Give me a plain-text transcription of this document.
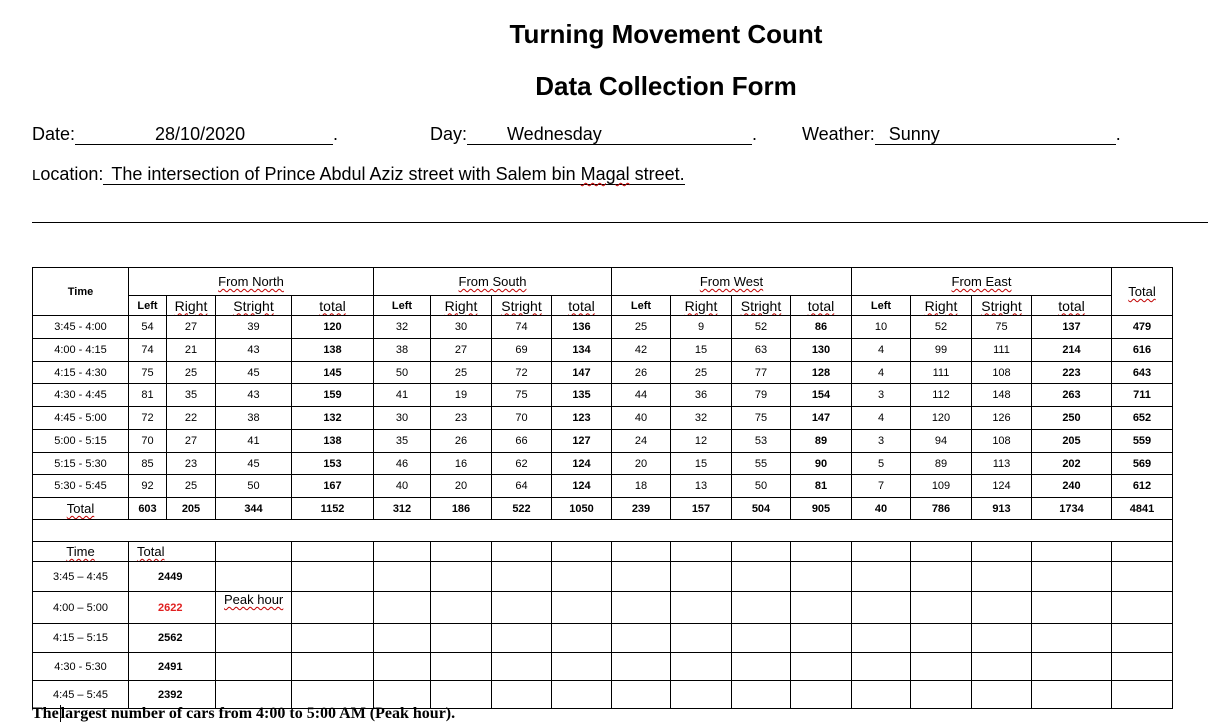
Turning Movement Count
Data Collection Form
Date:	28/10/2020	.	Day: Wednesday	. Weather: Sunny	.
Location: The intersection of Prince Abdul Aziz street with Salem bin Magal street.
Time	From North				From South				From West				From East				Total
	Left	Right	Stright	total	Left	Right	Stright	total	Left	Right	Stright	total	Left	Right	Stright	total	
3:45 - 4:00	54	27	39	120	32	30	74	136	25	9	52	86	10	52	75	137	479
4:00 - 4:15	74	21	43	138	38	27	69	134	42	15	63	130	4	99	111	214	616
4:15 - 4:30	75	25	45	145	50	25	72	147	26	25	77	128	4	111	108	223	643
4:30 - 4:45	81	35	43	159	41	19	75	135	44	36	79	154	3	112	148	263	711
4:45 - 5:00	72	22	38	132	30	23	70	123	40	32	75	147	4	120	126	250	652
5:00 - 5:15	70	27	41	138	35	26	66	127	24	12	53	89	3	94	108	205	559
5:15 - 5:30	85	23	45	153	46	16	62	124	20	15	55	90	5	89	113	202	569
5:30 - 5:45	92	25	50	167	40	20	64	124	18	13	50	81	7	109	124	240	612
Total	603	205	344	1152	312	186	522	1050	239	157	504	905	40	786	913	1734	4841

Time	Total																
3:45 – 4:45	2449																
4:00 – 5:00	2622		Peak hour														
4:15 – 5:15	2562																
4:30 - 5:30	2491																
4:45 – 5:45	2392																
The largest number of cars from 4:00 to 5:00 AM (Peak hour).
